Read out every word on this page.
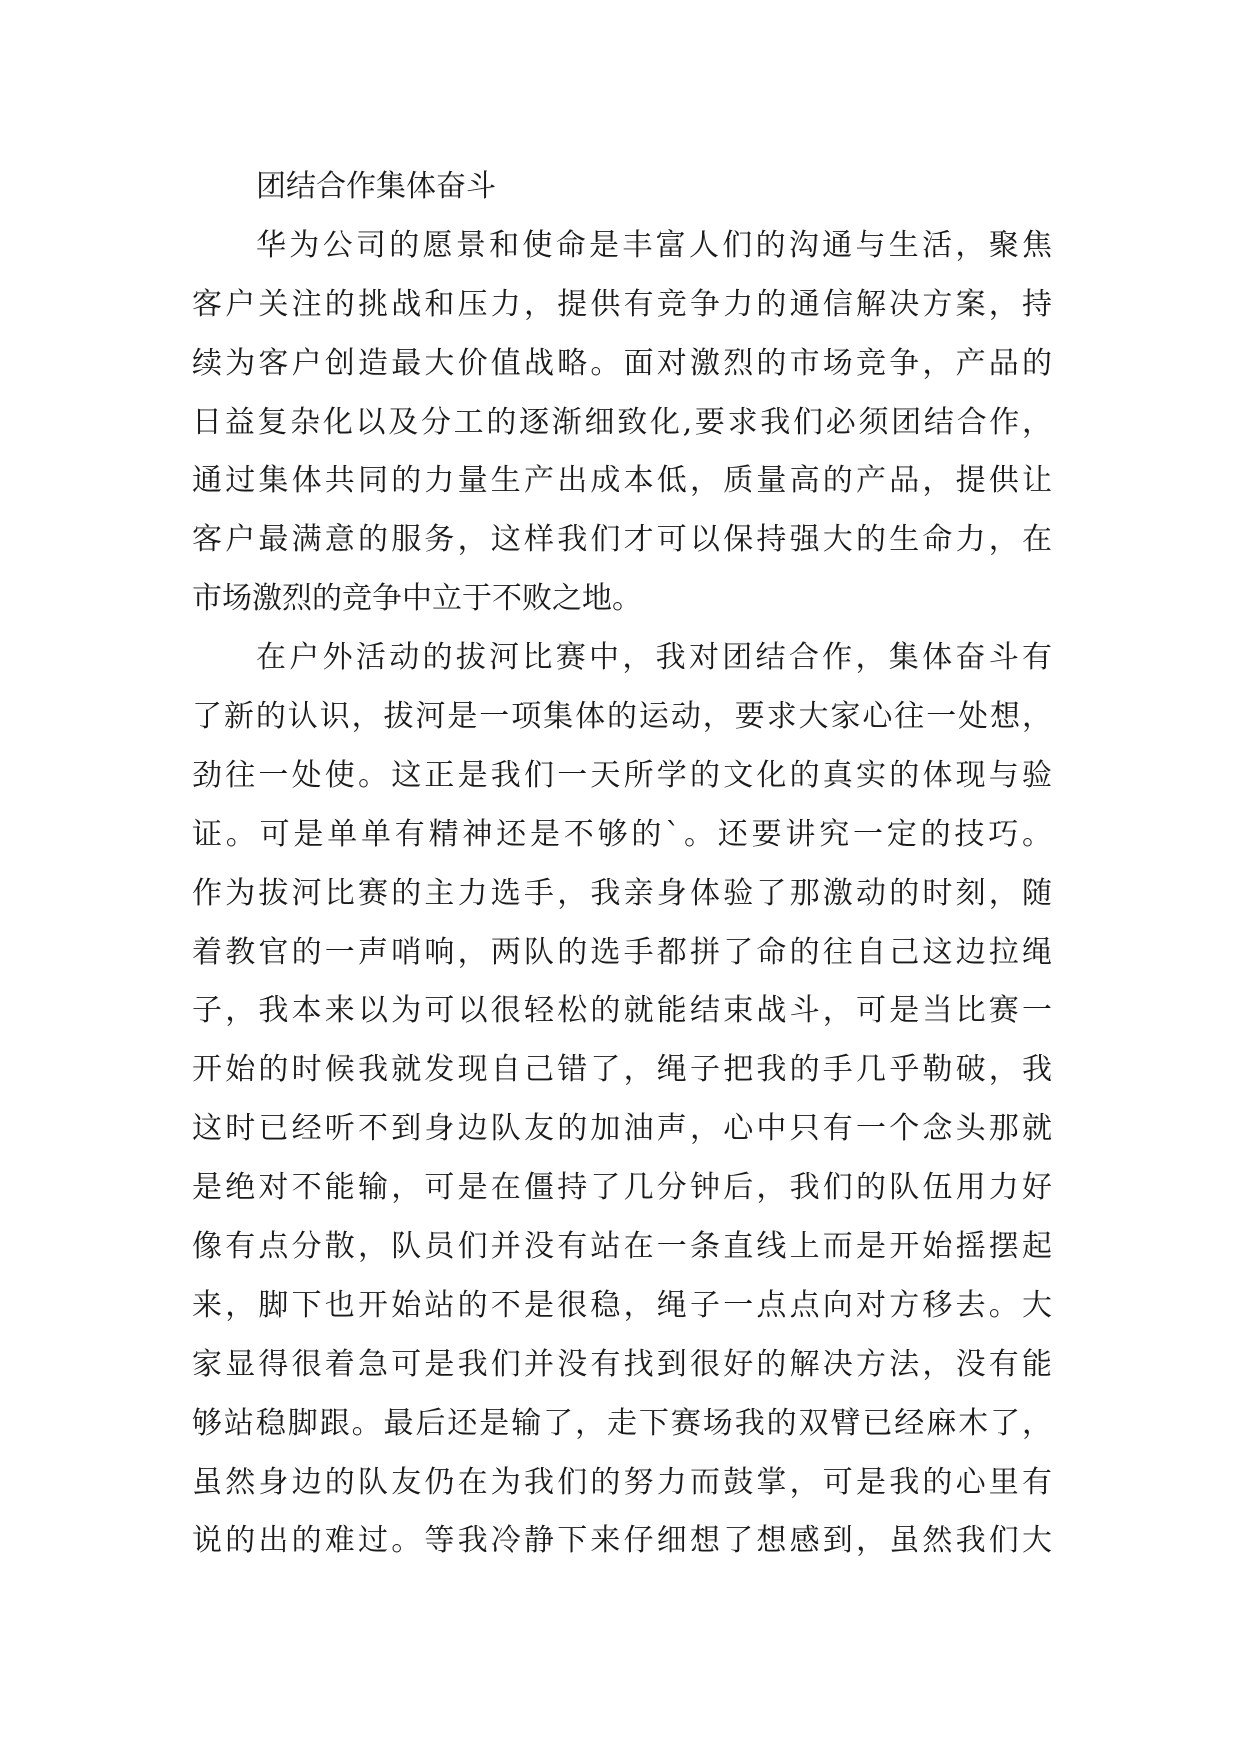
团结合作集体奋斗
华为公司的愿景和使命是丰富人们的沟通与生活，聚焦
客户关注的挑战和压力，提供有竞争力的通信解决方案，持
续为客户创造最大价值战略。面对激烈的市场竞争，产品的
日益复杂化以及分工的逐渐细致化,要求我们必须团结合作，
通过集体共同的力量生产出成本低，质量高的产品，提供让
客户最满意的服务，这样我们才可以保持强大的生命力，在
市场激烈的竞争中立于不败之地。
在户外活动的拔河比赛中，我对团结合作，集体奋斗有
了新的认识，拔河是一项集体的运动，要求大家心往一处想，
劲往一处使。这正是我们一天所学的文化的真实的体现与验
证。可是单单有精神还是不够的`。还要讲究一定的技巧。
作为拔河比赛的主力选手，我亲身体验了那激动的时刻，随
着教官的一声哨响，两队的选手都拼了命的往自己这边拉绳
子，我本来以为可以很轻松的就能结束战斗，可是当比赛一
开始的时候我就发现自己错了，绳子把我的手几乎勒破，我
这时已经听不到身边队友的加油声，心中只有一个念头那就
是绝对不能输，可是在僵持了几分钟后，我们的队伍用力好
像有点分散，队员们并没有站在一条直线上而是开始摇摆起
来，脚下也开始站的不是很稳，绳子一点点向对方移去。大
家显得很着急可是我们并没有找到很好的解决方法，没有能
够站稳脚跟。最后还是输了，走下赛场我的双臂已经麻木了，
虽然身边的队友仍在为我们的努力而鼓掌，可是我的心里有
说的出的难过。等我冷静下来仔细想了想感到，虽然我们大
